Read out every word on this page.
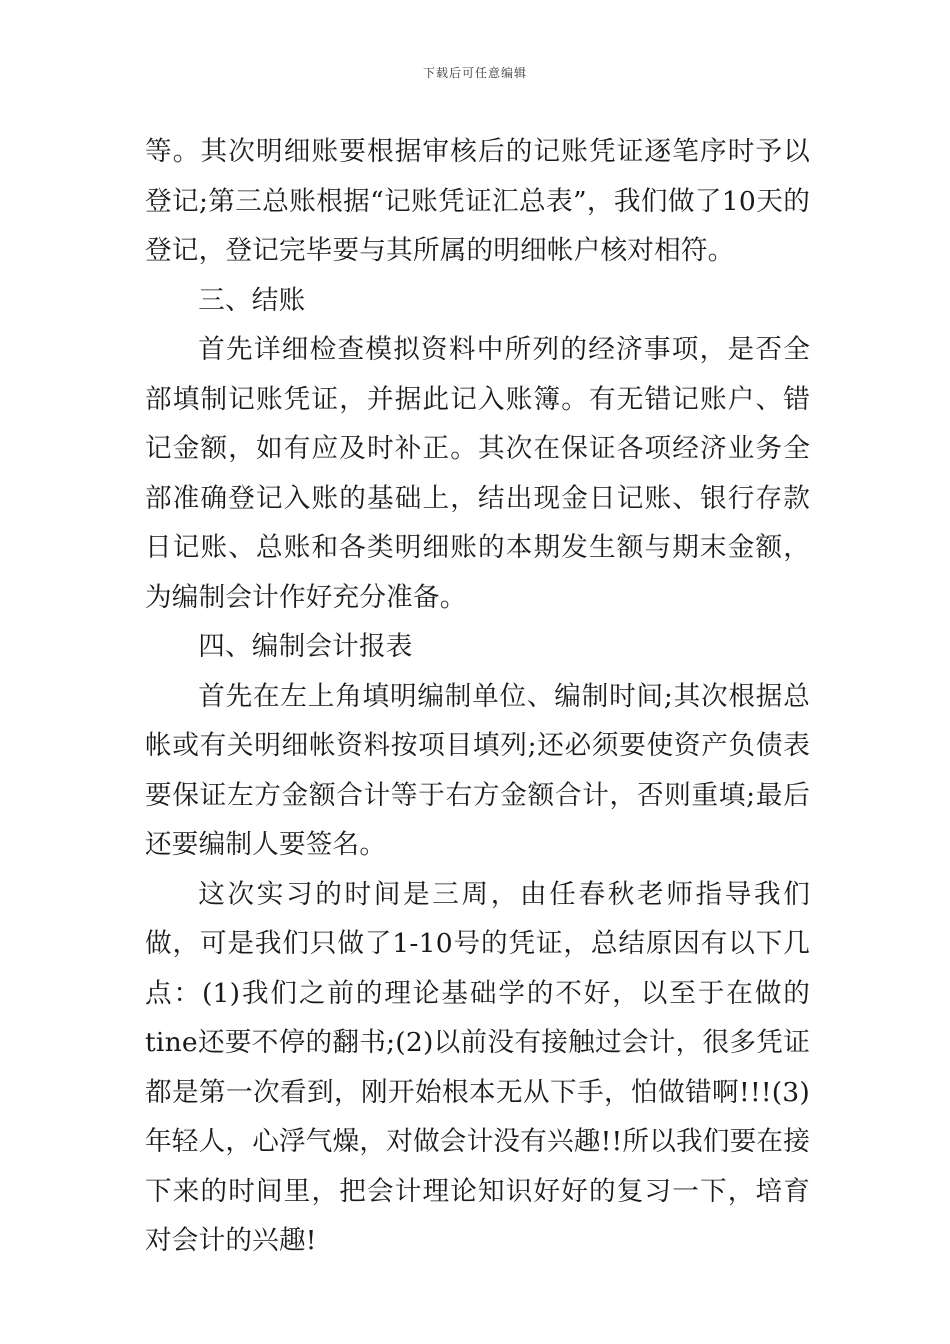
下载后可任意编辑

等。其次明细账要根据审核后的记账凭证逐笔序时予以登记;第三总账根据“记账凭证汇总表”，我们做了10天的登记，登记完毕要与其所属的明细帐户核对相符。

三、结账

首先详细检查模拟资料中所列的经济事项，是否全部填制记账凭证，并据此记入账簿。有无错记账户、错记金额，如有应及时补正。其次在保证各项经济业务全部准确登记入账的基础上，结出现金日记账、银行存款日记账、总账和各类明细账的本期发生额与期末金额，为编制会计作好充分准备。

四、编制会计报表

首先在左上角填明编制单位、编制时间;其次根据总帐或有关明细帐资料按项目填列;还必须要使资产负债表要保证左方金额合计等于右方金额合计，否则重填;最后还要编制人要签名。

这次实习的时间是三周，由任春秋老师指导我们做，可是我们只做了1-10号的凭证，总结原因有以下几点：(1)我们之前的理论基础学的不好，以至于在做的tine还要不停的翻书;(2)以前没有接触过会计，很多凭证都是第一次看到，刚开始根本无从下手，怕做错啊!!!(3)年轻人，心浮气燥，对做会计没有兴趣!!所以我们要在接下来的时间里，把会计理论知识好好的复习一下，培育对会计的兴趣!
